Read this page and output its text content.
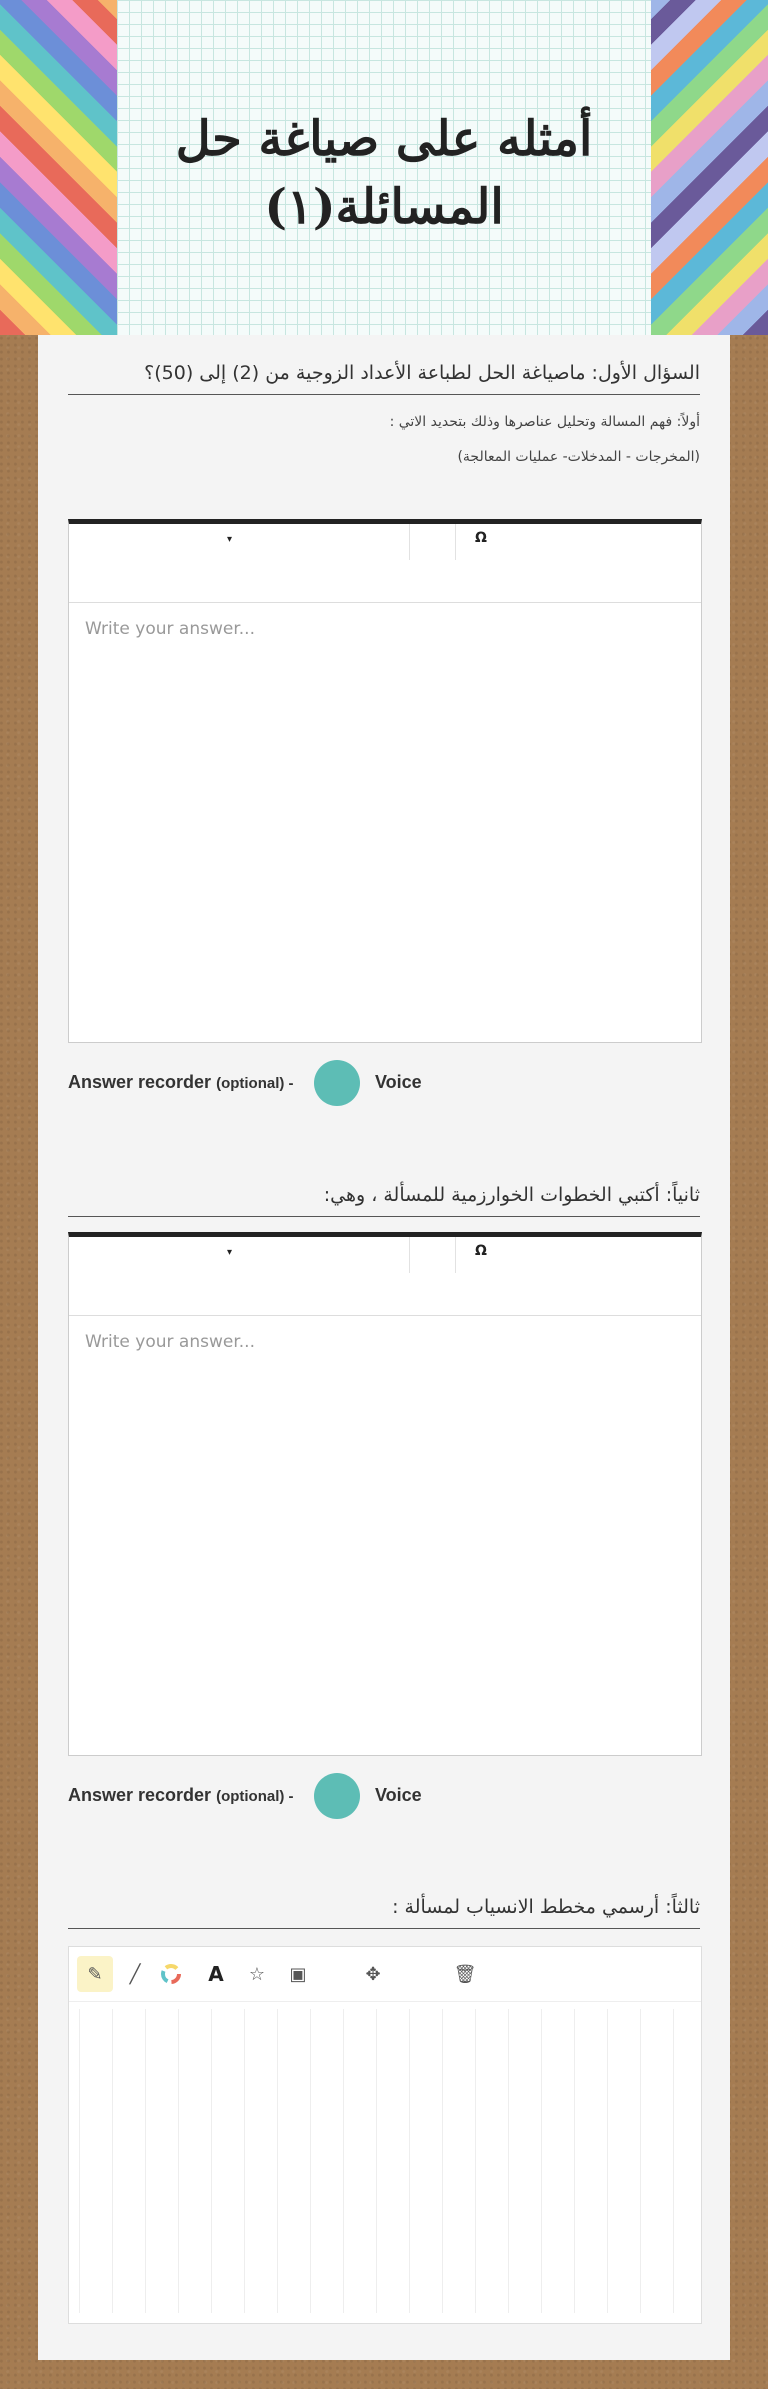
أمثله على صياغة حل المسائلة(۱)
السؤال الأول: ماصياغة الحل لطباعة الأعداد الزوجية من (2) إلى (50)؟
أولاً: فهم المسالة وتحليل عناصرها وذلك بتحديد الاتي :
(المخرجات - المدخلات- عمليات المعالجة)
▾	Ω
Write your answer...
Answer recorder (optional) -	Voice
ثانياً: أكتبي الخطوات الخوارزمية للمسألة ، وهي:
▾	Ω
Write your answer...
Answer recorder (optional) -	Voice
ثالثاً: أرسمي مخطط الانسياب لمسألة :
✎	╱	A	☆	▣	✥	🗑
